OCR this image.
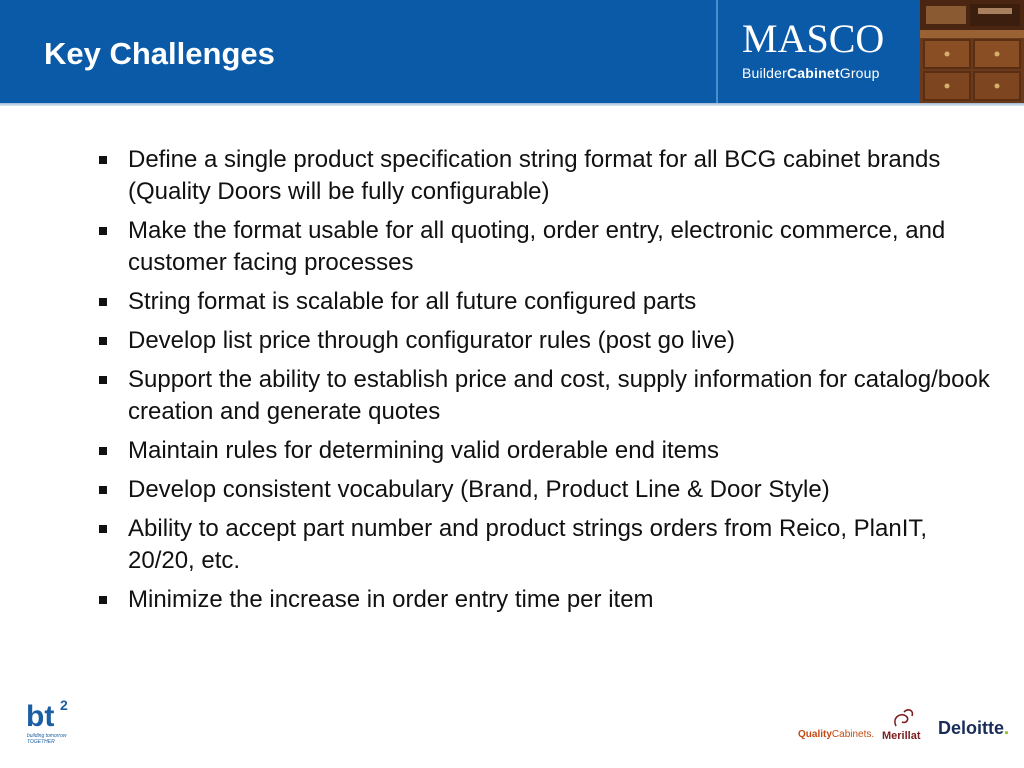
Key Challenges	MASCO
BuilderCabinetGroup
Define a single product specification string format for all BCG cabinet brands (Quality Doors will be fully configurable)
Make the format usable for all quoting, order entry, electronic commerce, and customer facing processes
String format is scalable for all future configured parts
Develop list price through configurator rules (post go live)
Support the ability to establish price and cost, supply information for catalog/book creation and generate quotes
Maintain rules for determining valid orderable end items
Develop consistent vocabulary (Brand, Product Line & Door Style)
Ability to accept part number and product strings orders from Reico, PlanIT, 20/20, etc.
Minimize the increase in order entry time per item
bt 2
building tomorrow TOGETHER
QualityCabinets. Merillat Deloitte.
